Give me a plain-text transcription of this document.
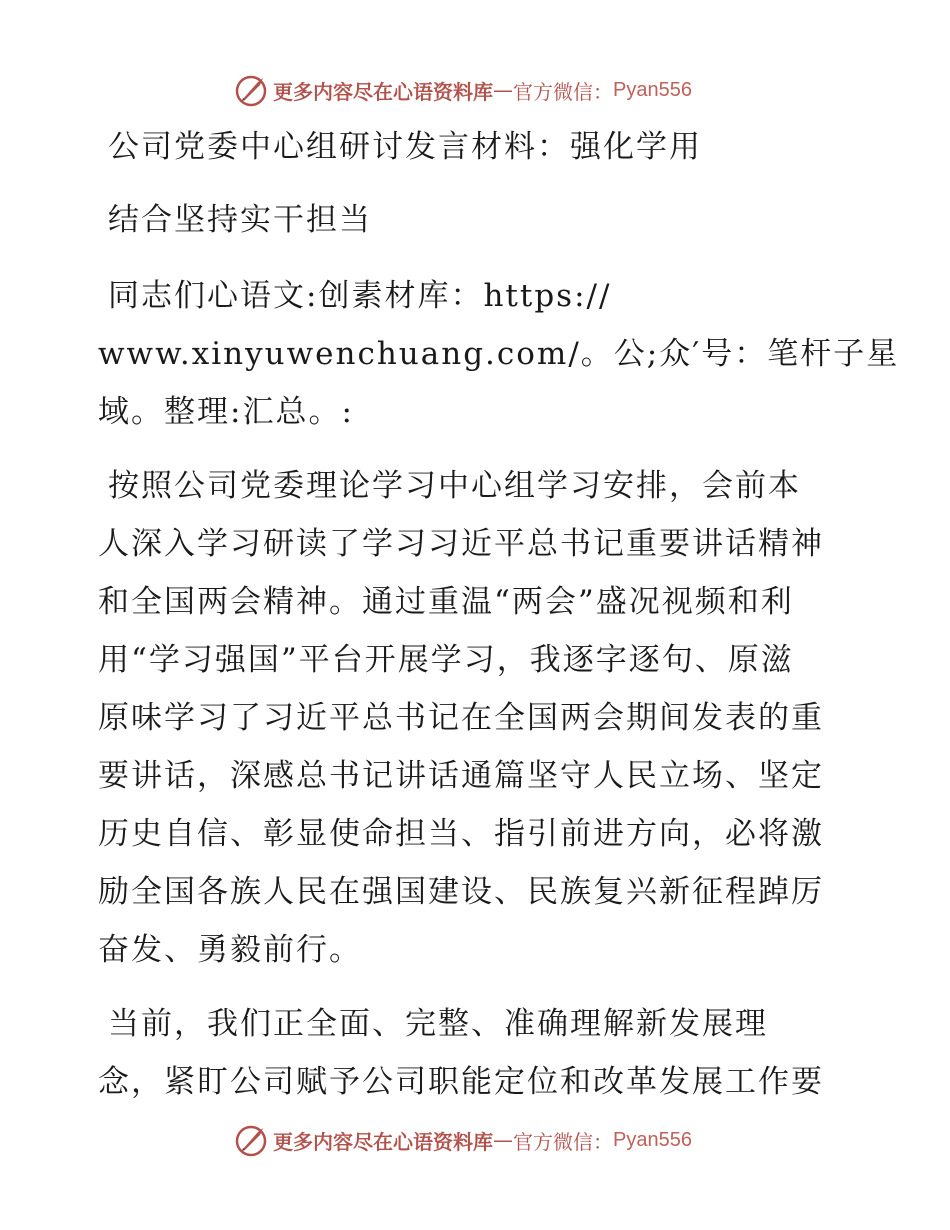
更多内容尽在心语资料库 — 官方微信 ： Pyan556
公司党委中心组研讨发言材料：强化学用
结合坚持实干担当
同志们心语文:创素材库：https://
www.xinyuwenchuang.com/。公;众′号：笔杆子星
域。整理:汇总。:
按照公司党委理论学习中心组学习安排，会前本
人深入学习研读了学习习近平总书记重要讲话精神
和全国两会精神。通过重温“两会”盛况视频和利
用“学习强国”平台开展学习，我逐字逐句、原滋
原味学习了习近平总书记在全国两会期间发表的重
要讲话，深感总书记讲话通篇坚守人民立场、坚定
历史自信、彰显使命担当、指引前进方向，必将激
励全国各族人民在强国建设、民族复兴新征程踔厉
奋发、勇毅前行。
当前，我们正全面、完整、准确理解新发展理
念，紧盯公司赋予公司职能定位和改革发展工作要
更多内容尽在心语资料库 — 官方微信 ： Pyan556
